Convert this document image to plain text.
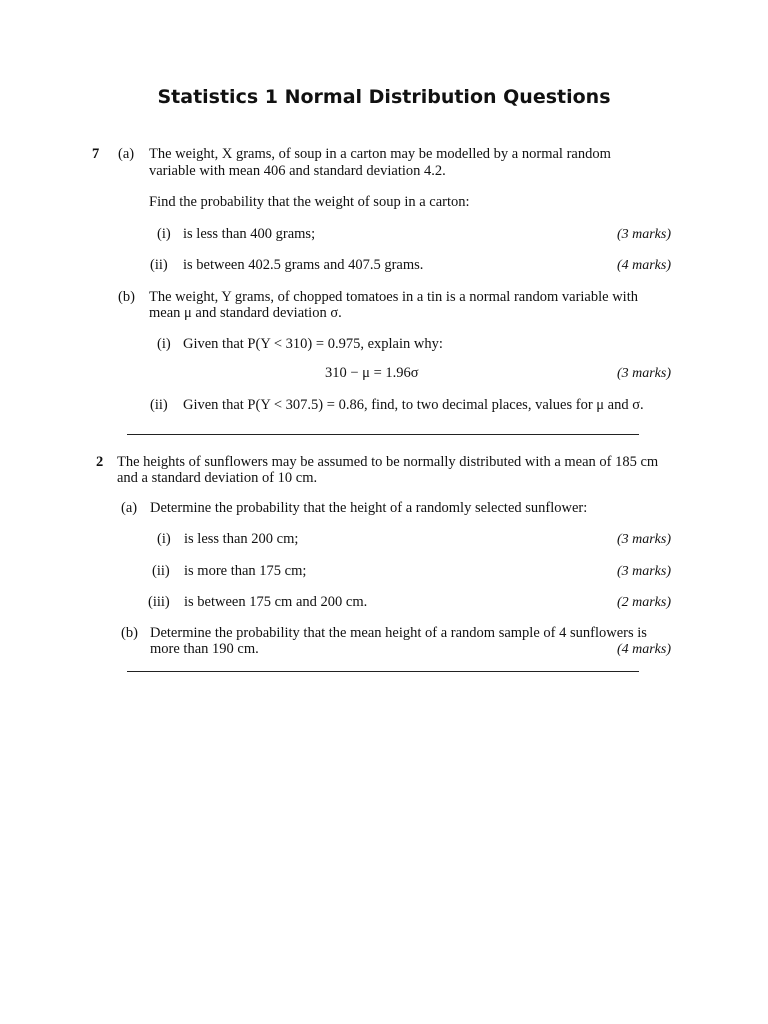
Statistics 1 Normal Distribution Questions
7 (a) The weight, X grams, of soup in a carton may be modelled by a normal random
variable with mean 406 and standard deviation 4.2.
Find the probability that the weight of soup in a carton:
(i) is less than 400 grams;	(3 marks)
(ii) is between 402.5 grams and 407.5 grams.	(4 marks)
(b) The weight, Y grams, of chopped tomatoes in a tin is a normal random variable with
mean μ and standard deviation σ.
(i) Given that P(Y < 310) = 0.975, explain why:
310 − μ = 1.96σ	(3 marks)
(ii) Given that P(Y < 307.5) = 0.86, find, to two decimal places, values for μ and σ.
2 The heights of sunflowers may be assumed to be normally distributed with a mean of 185 cm
and a standard deviation of 10 cm.
(a) Determine the probability that the height of a randomly selected sunflower:
(i) is less than 200 cm;	(3 marks)
(ii) is more than 175 cm;	(3 marks)
(iii) is between 175 cm and 200 cm.	(2 marks)
(b) Determine the probability that the mean height of a random sample of 4 sunflowers is
more than 190 cm.	(4 marks)
